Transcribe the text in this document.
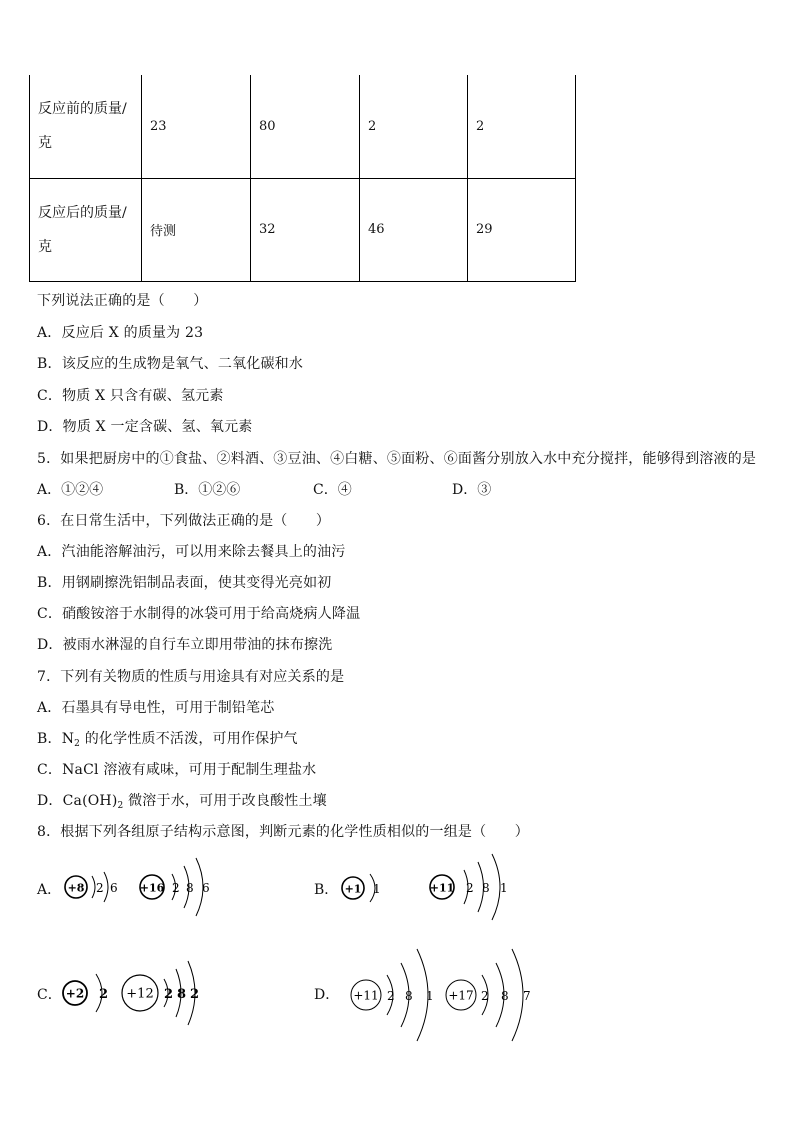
反应前的质量/
克	23	80	2	2
反应后的质量/
克	待测	32	46	29
下列说法正确的是（　　）
A．反应后 X 的质量为 23
B．该反应的生成物是氧气、二氧化碳和水
C．物质 X 只含有碳、氢元素
D．物质 X 一定含碳、氢、氧元素
5．如果把厨房中的①食盐、②料酒、③豆油、④白糖、⑤面粉、⑥面酱分别放入水中充分搅拌，能够得到溶液的是
A．①②④	B．①②⑥	C．④	D．③
6．在日常生活中，下列做法正确的是（　　）
A．汽油能溶解油污，可以用来除去餐具上的油污
B．用钢刷擦洗铝制品表面，使其变得光亮如初
C．硝酸铵溶于水制得的冰袋可用于给高烧病人降温
D．被雨水淋湿的自行车立即用带油的抹布擦洗
7．下列有关物质的性质与用途具有对应关系的是
A．石墨具有导电性，可用于制铅笔芯
B．$N_2$ 的化学性质不活泼，可用作保护气
C．NaCl 溶液有咸味，可用于配制生理盐水
D．$Ca(OH)_2$ 微溶于水，可用于改良酸性土壤
8．根据下列各组原子结构示意图，判断元素的化学性质相似的一组是（　　）
A．	B．
C．	D．
+8 2 6 +16 2 8 6	+1 1	+11 2 8 1
+2 2 +12 2 8 2	+11 2 8 1 +17 2 8 7
